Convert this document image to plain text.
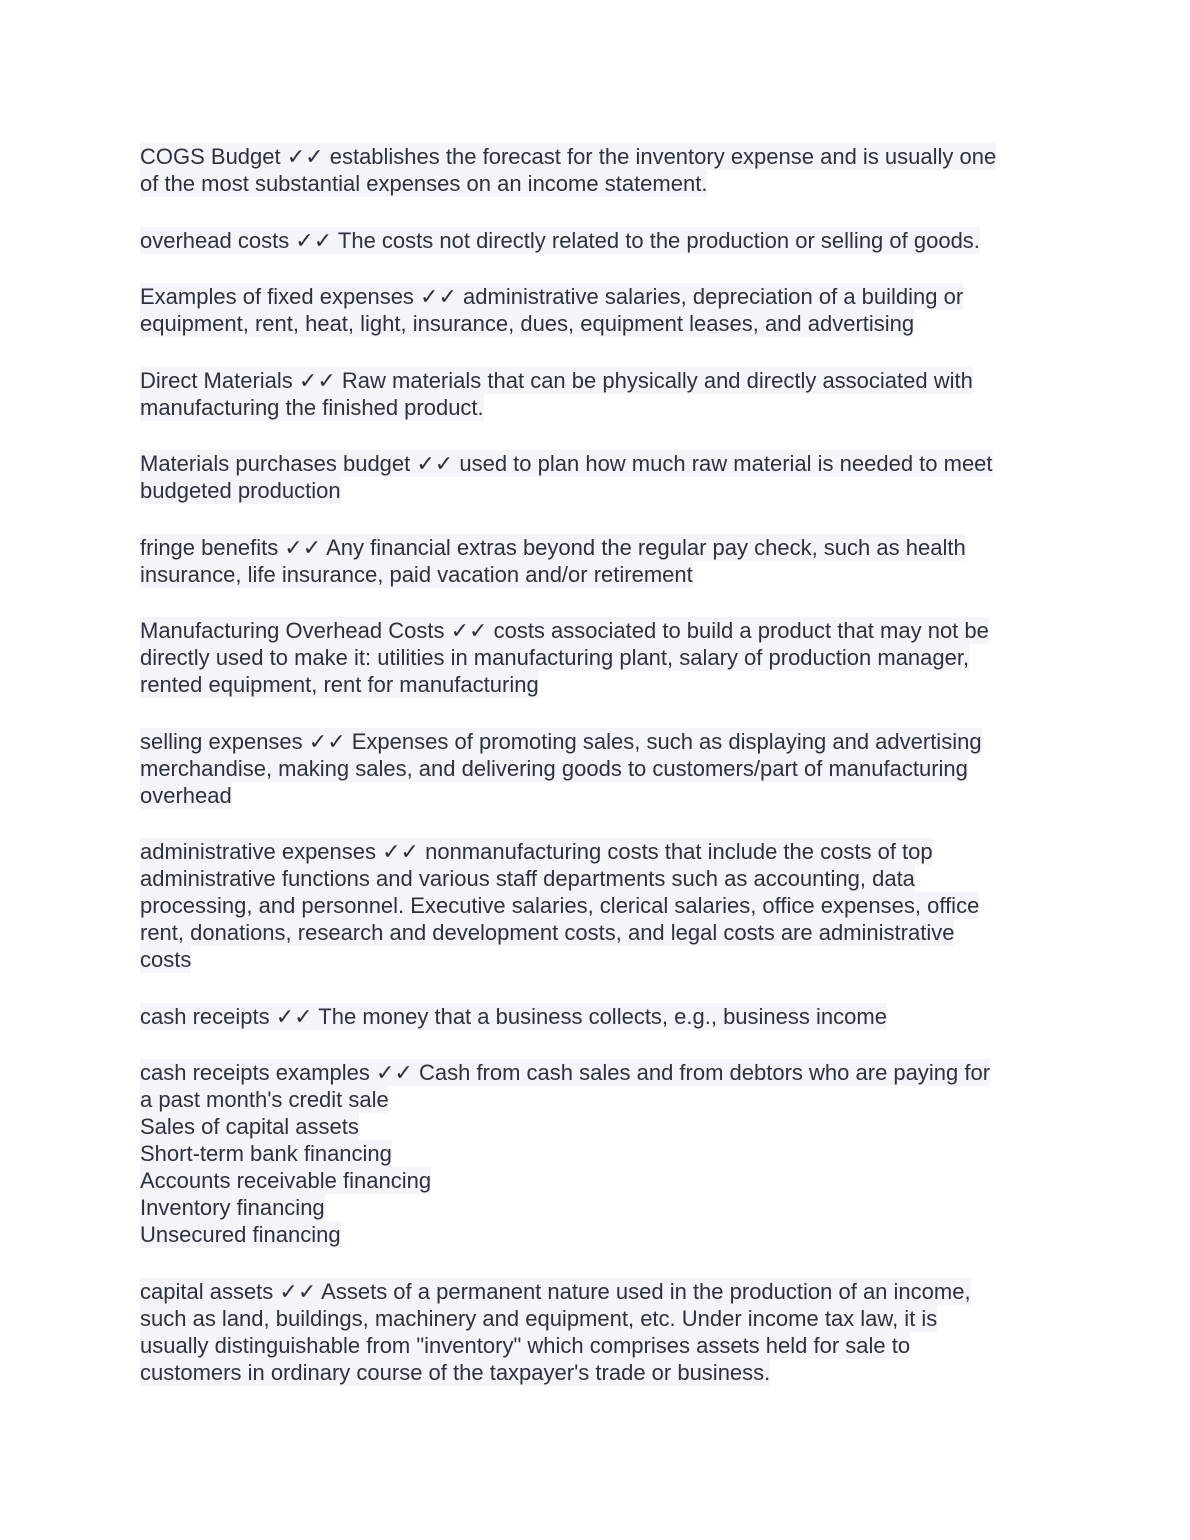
COGS Budget ✓✓ establishes the forecast for the inventory expense and is usually one
of the most substantial expenses on an income statement.
overhead costs ✓✓ The costs not directly related to the production or selling of goods.
Examples of fixed expenses ✓✓ administrative salaries, depreciation of a building or
equipment, rent, heat, light, insurance, dues, equipment leases, and advertising
Direct Materials ✓✓ Raw materials that can be physically and directly associated with
manufacturing the finished product.
Materials purchases budget ✓✓ used to plan how much raw material is needed to meet
budgeted production
fringe benefits ✓✓ Any financial extras beyond the regular pay check, such as health
insurance, life insurance, paid vacation and/or retirement
Manufacturing Overhead Costs ✓✓ costs associated to build a product that may not be
directly used to make it: utilities in manufacturing plant, salary of production manager,
rented equipment, rent for manufacturing
selling expenses ✓✓ Expenses of promoting sales, such as displaying and advertising
merchandise, making sales, and delivering goods to customers/part of manufacturing
overhead
administrative expenses ✓✓ nonmanufacturing costs that include the costs of top
administrative functions and various staff departments such as accounting, data
processing, and personnel. Executive salaries, clerical salaries, office expenses, office
rent, donations, research and development costs, and legal costs are administrative
costs
cash receipts ✓✓ The money that a business collects, e.g., business income
cash receipts examples ✓✓ Cash from cash sales and from debtors who are paying for
a past month's credit sale
Sales of capital assets
Short-term bank financing
Accounts receivable financing
Inventory financing
Unsecured financing
capital assets ✓✓ Assets of a permanent nature used in the production of an income,
such as land, buildings, machinery and equipment, etc. Under income tax law, it is
usually distinguishable from "inventory" which comprises assets held for sale to
customers in ordinary course of the taxpayer's trade or business.
